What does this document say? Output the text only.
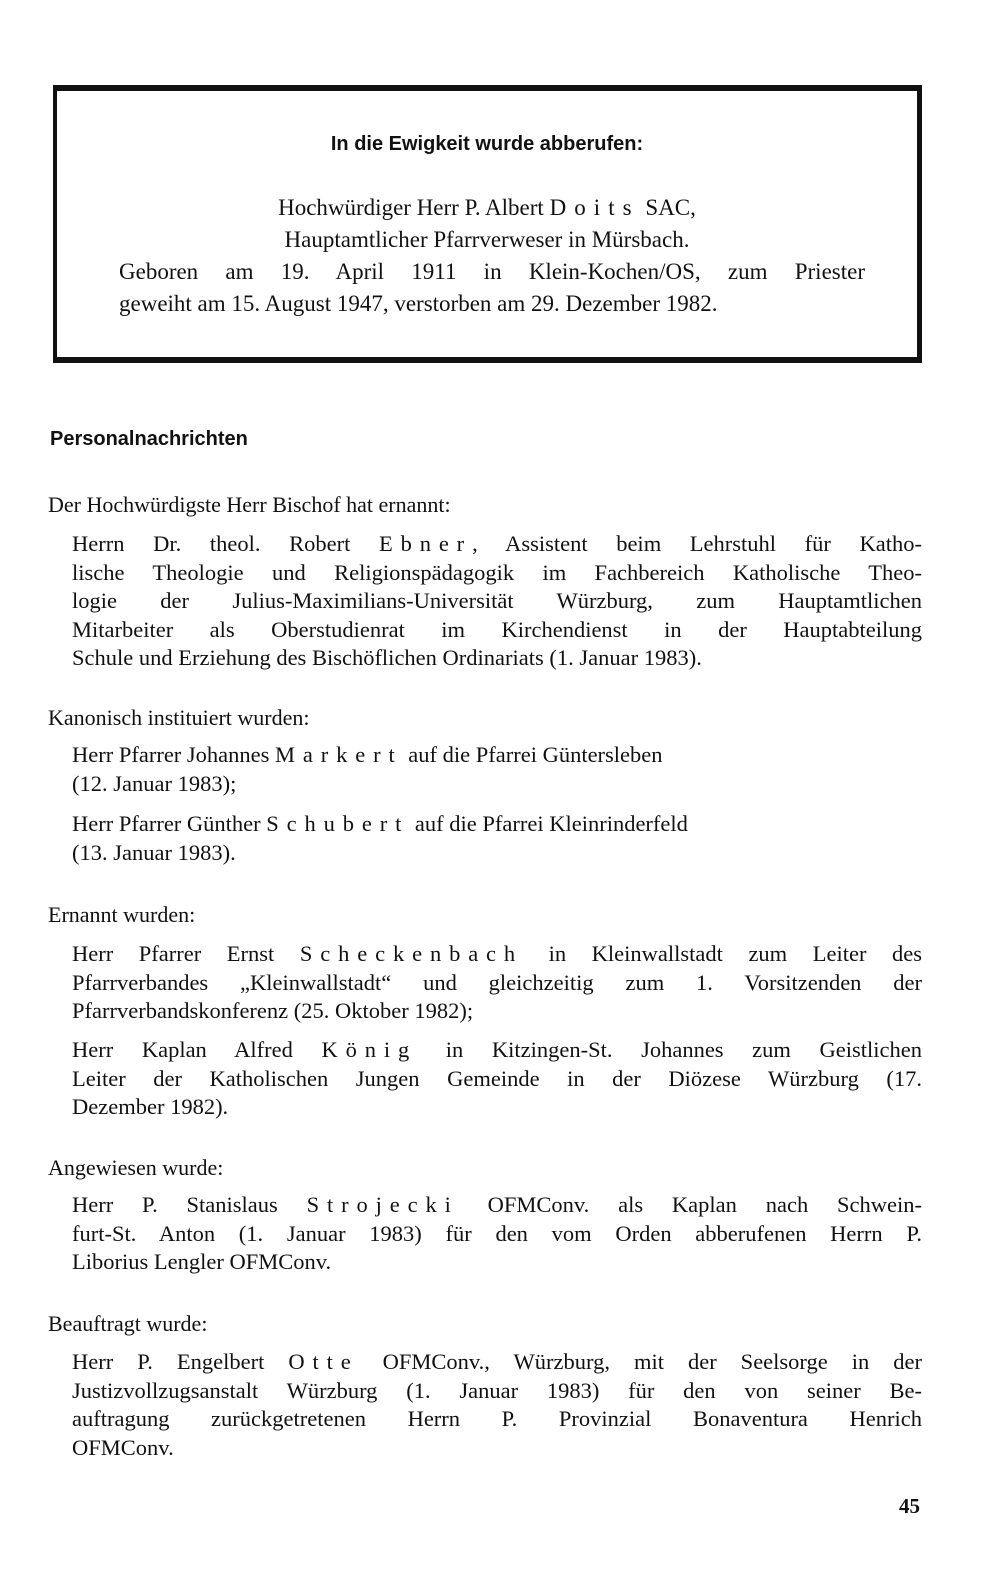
In die Ewigkeit wurde abberufen:
Hochwürdiger Herr P. Albert Doits SAC,
Hauptamtlicher Pfarrverweser in Mürsbach.
Geboren am 19. April 1911 in Klein-Kochen/OS, zum Priester
geweiht am 15. August 1947, verstorben am 29. Dezember 1982.
Personalnachrichten
Der Hochwürdigste Herr Bischof hat ernannt:
Herrn Dr. theol. Robert Ebner, Assistent beim Lehrstuhl für Katho-
lische Theologie und Religionspädagogik im Fachbereich Katholische Theo-
logie der Julius-Maximilians-Universität Würzburg, zum Hauptamtlichen
Mitarbeiter als Oberstudienrat im Kirchendienst in der Hauptabteilung
Schule und Erziehung des Bischöflichen Ordinariats (1. Januar 1983).
Kanonisch instituiert wurden:
Herr Pfarrer Johannes Markert auf die Pfarrei Güntersleben
(12. Januar 1983);
Herr Pfarrer Günther Schubert auf die Pfarrei Kleinrinderfeld
(13. Januar 1983).
Ernannt wurden:
Herr Pfarrer Ernst Scheckenbach in Kleinwallstadt zum Leiter des
Pfarrverbandes „Kleinwallstadt“ und gleichzeitig zum 1. Vorsitzenden der
Pfarrverbandskonferenz (25. Oktober 1982);
Herr Kaplan Alfred König in Kitzingen-St. Johannes zum Geistlichen
Leiter der Katholischen Jungen Gemeinde in der Diözese Würzburg (17.
Dezember 1982).
Angewiesen wurde:
Herr P. Stanislaus Strojecki OFMConv. als Kaplan nach Schwein-
furt-St. Anton (1. Januar 1983) für den vom Orden abberufenen Herrn P.
Liborius Lengler OFMConv.
Beauftragt wurde:
Herr P. Engelbert Otte OFMConv., Würzburg, mit der Seelsorge in der
Justizvollzugsanstalt Würzburg (1. Januar 1983) für den von seiner Be-
auftragung zurückgetretenen Herrn P. Provinzial Bonaventura Henrich
OFMConv.
45
